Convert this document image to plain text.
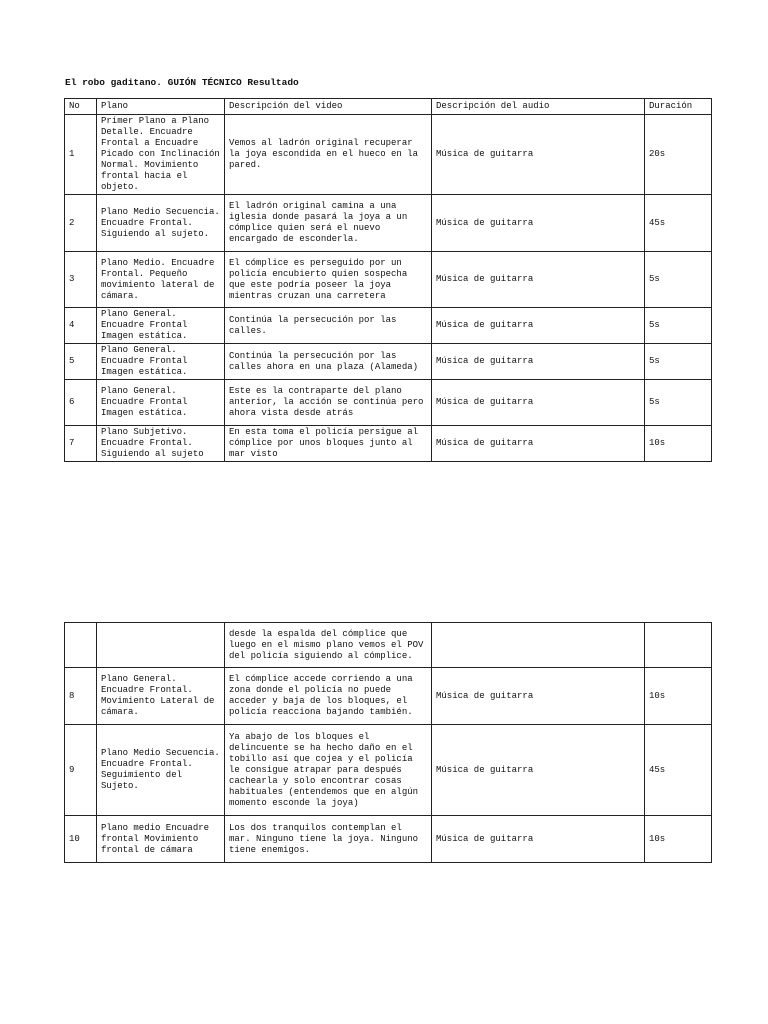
El robo gaditano. GUIÓN TÉCNICO Resultado
No	Plano	Descripción del video	Descripción del audio	Duración
1	Primer Plano a Plano Detalle. Encuadre Frontal a Encuadre Picado con Inclinación Normal. Movimiento frontal hacia el objeto.	Vemos al ladrón original recuperar la joya escondida en el hueco en la pared.	Música de guitarra	20s
2	Plano Medio Secuencia. Encuadre Frontal. Siguiendo al sujeto.	El ladrón original camina a una iglesia donde pasará la joya a un cómplice quien será el nuevo encargado de esconderla.	Música de guitarra	45s
3	Plano Medio. Encuadre Frontal. Pequeño movimiento lateral de cámara.	El cómplice es perseguido por un policía encubierto quien sospecha que este podría poseer la joya mientras cruzan una carretera	Música de guitarra	5s
4	Plano General. Encuadre Frontal Imagen estática.	Continúa la persecución por las calles.	Música de guitarra	5s
5	Plano General. Encuadre Frontal Imagen estática.	Continúa la persecución por las calles ahora en una plaza (Alameda)	Música de guitarra	5s
6	Plano General. Encuadre Frontal Imagen estática.	Este es la contraparte del plano anterior, la acción se continúa pero ahora vista desde atrás	Música de guitarra	5s
7	Plano Subjetivo. Encuadre Frontal. Siguiendo al sujeto	En esta toma el policía persigue al cómplice por unos bloques junto al mar visto	Música de guitarra	10s
		desde la espalda del cómplice que luego en el mismo plano vemos el POV del policía siguiendo al cómplice.		
8	Plano General. Encuadre Frontal. Movimiento Lateral de cámara.	El cómplice accede corriendo a una zona donde el policía no puede acceder y baja de los bloques, el policía reacciona bajando también.	Música de guitarra	10s
9	Plano Medio Secuencia. Encuadre Frontal. Seguimiento del Sujeto.	Ya abajo de los bloques el delincuente se ha hecho daño en el tobillo así que cojea y el policía le consigue atrapar para después cachearla y solo encontrar cosas habituales (entendemos que en algún momento esconde la joya)	Música de guitarra	45s
10	Plano medio Encuadre frontal Movimiento frontal de cámara	Los dos tranquilos contemplan el mar. Ninguno tiene la joya. Ninguno tiene enemigos.	Música de guitarra	10s
